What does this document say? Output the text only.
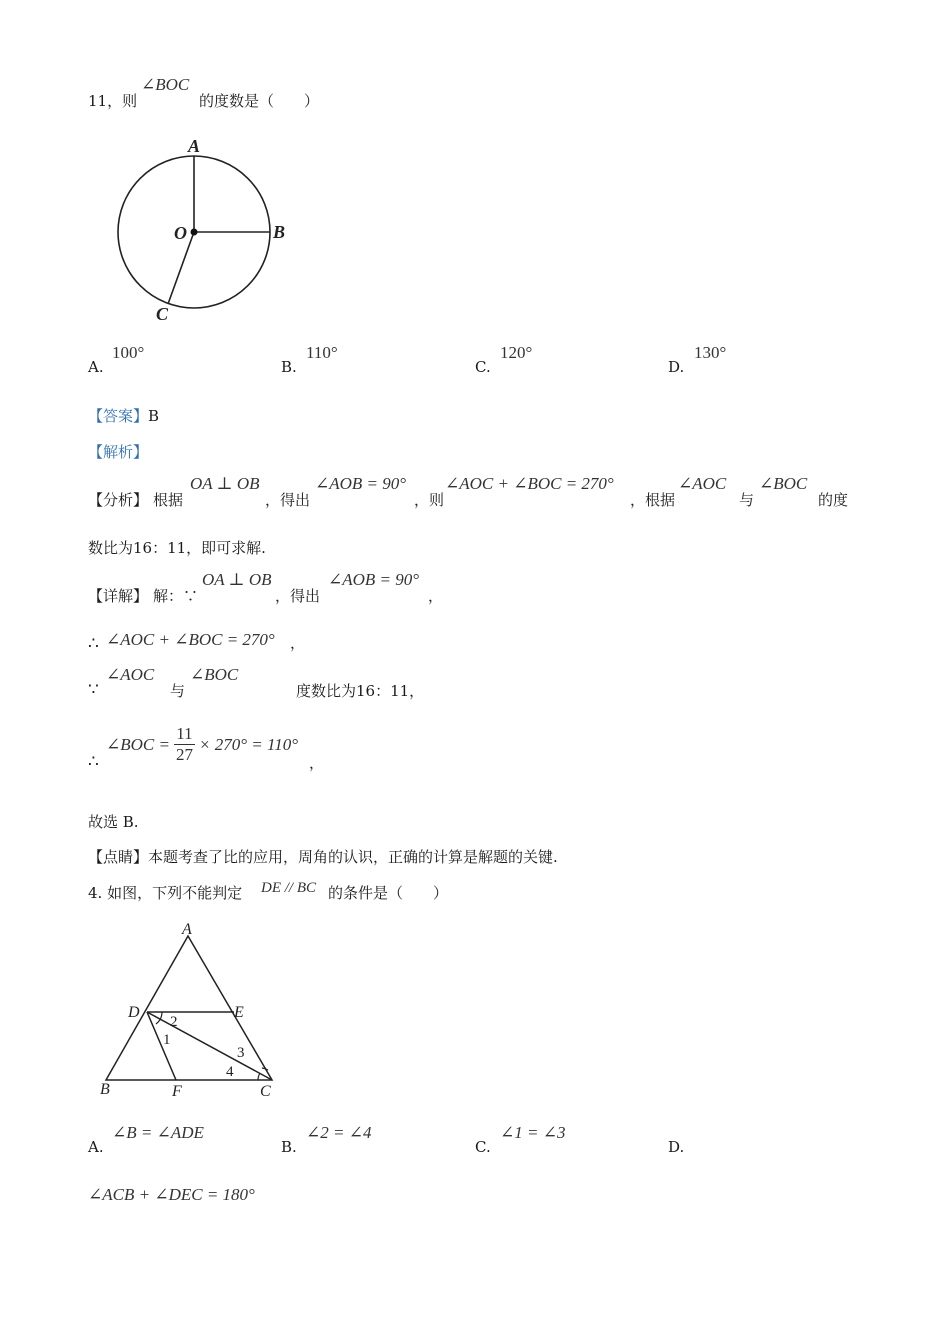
11，则
∠BOC
的度数是（　　）
A
O	B
C
A.
100°
B.
110°
C.
120°
D.
130°
【答案】B
【解析】
【分析】 根据
OA ⊥ OB
，得出
∠AOB = 90°
，则
∠AOC + ∠BOC = 270°
，根据
∠AOC
与
∠BOC
的度
数比为16：11，即可求解.
【详解】 解：∵
OA ⊥ OB
，得出
∠AOB = 90°
，
∴ ∠AOC + ∠BOC = 270° ，
∵
∠AOC
与
∠BOC
度数比为16：11，
∴
∠BOC = $\frac{11}{27} \times 270^\circ = 110^\circ$
，
故选 B.
【点睛】本题考查了比的应用，周角的认识，正确的计算是解题的关键.
4. 如图，下列不能判定 DE // BC 的条件是（　　）
A
D	E
B	F	C
2
1
3
4
A.
∠B = ∠ADE
B.
∠2 = ∠4
C.
∠1 = ∠3
D.
∠ACB + ∠DEC = 180°
